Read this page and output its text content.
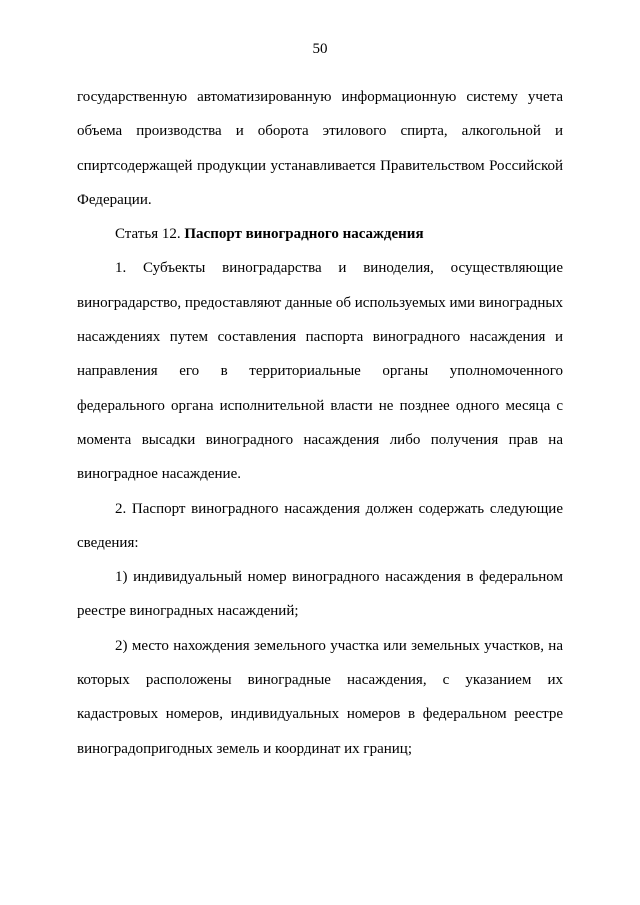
50

государственную автоматизированную информационную систему учета объема производства и оборота этилового спирта, алкогольной и спиртсодержащей продукции устанавливается Правительством Российской Федерации.

Статья 12. Паспорт виноградного насаждения

1. Субъекты виноградарства и виноделия, осуществляющие виноградарство, предоставляют данные об используемых ими виноградных насаждениях путем составления паспорта виноградного насаждения и направления его в территориальные органы уполномоченного федерального органа исполнительной власти не позднее одного месяца с момента высадки виноградного насаждения либо получения прав на виноградное насаждение.

2. Паспорт виноградного насаждения должен содержать следующие сведения:

1) индивидуальный номер виноградного насаждения в федеральном реестре виноградных насаждений;

2) место нахождения земельного участка или земельных участков, на которых расположены виноградные насаждения, с указанием их кадастровых номеров, индивидуальных номеров в федеральном реестре виноградопригодных земель и координат их границ;
